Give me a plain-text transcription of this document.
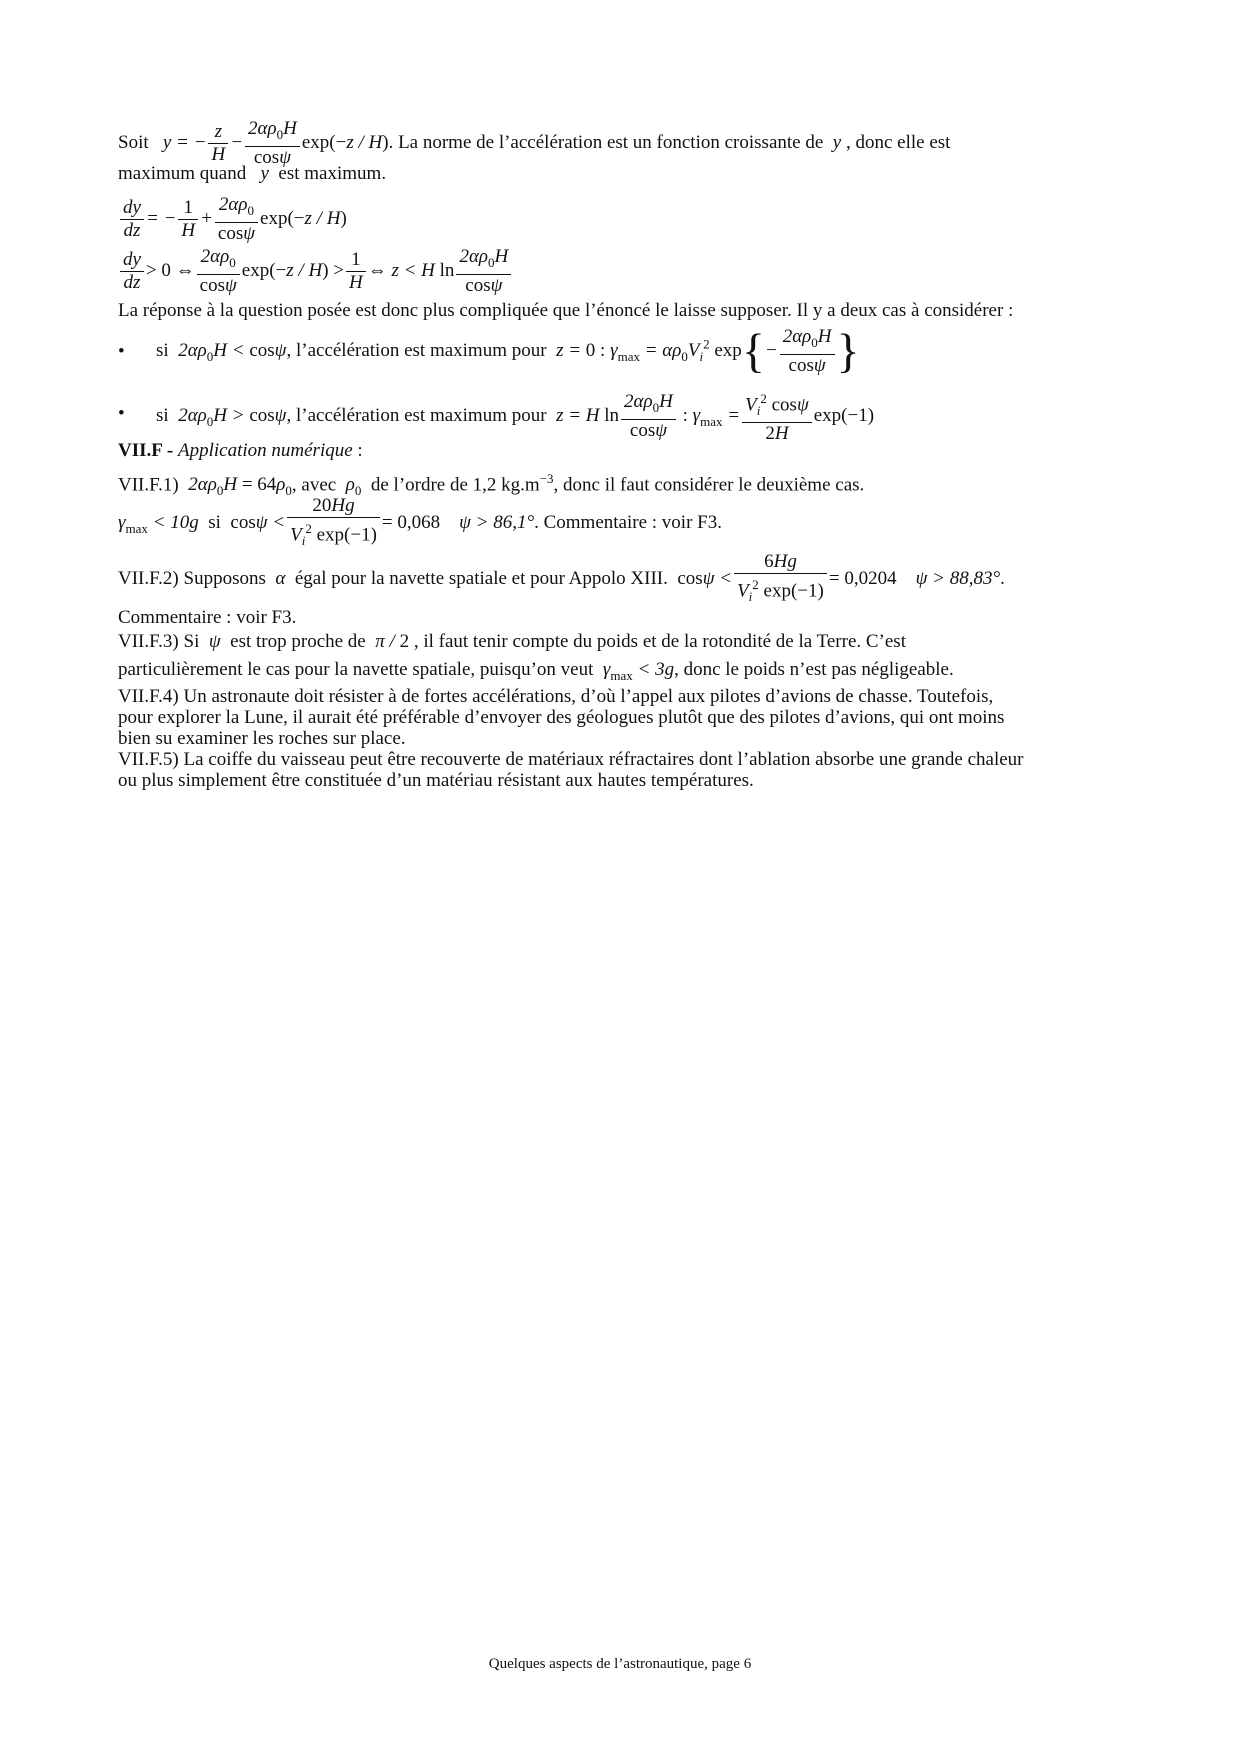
Soit   y = − $\frac{z}{H} - \frac{2\alpha\rho_0H}{\cos\psi} \exp(-z / H)$. La norme de l’accélération est un fonction croissante de  y , donc elle est
maximum quand   y  est maximum.
$\frac{dy}{dz}$ = − $\frac{1}{H} + \frac{2\alpha\rho_0}{\cos\psi} \exp(-z / H)$
$\frac{dy}{dz} > 0$ ⇔ $\frac{2\alpha\rho_0}{\cos\psi} \exp(-z / H) > \frac{1}{H}$ ⇔ z < H $\ln \frac{2\alpha\rho_0H}{\cos\psi}$
La réponse à la question posée est donc plus compliquée que l’énoncé le laisse supposer. Il y a deux cas à considérer :
• si  $2\alpha\rho_0H < \cos\psi$, l’accélération est maximum pour  z = 0 : $\gamma_{max} = \alpha\rho_0V_i^2$ $\exp\{- \frac{2\alpha\rho_0H}{\cos\psi}$ }
• si  $2\alpha\rho_0H > \cos\psi$, l’accélération est maximum pour  z = H $\ln \frac{2\alpha\rho_0H}{\cos\psi}$ : $\gamma_{max} = \frac{V_i^2 \cos\psi}{2H} \exp(-1)$
VII.F - Application numérique :
VII.F.1)  $2\alpha\rho_0H = 64\rho_0$, avec  $\rho_0$ de l’ordre de 1,2 $kg.m^{-3}$, donc il faut considérer le deuxième cas.
$\gamma_{max} < 10g$ si $\cos\psi < \frac{20Hg}{V_i^2 \exp(-1)} = 0,068$ ψ > 86,1°. Commentaire : voir F3.
VII.F.2) Supposons  α  égal pour la navette spatiale et pour Appolo XIII. $\cos\psi < \frac{6Hg}{V_i^2 \exp(-1)} = 0,0204$ ψ > 88,83°.
Commentaire : voir F3.
VII.F.3) Si  ψ  est trop proche de  π / 2 , il faut tenir compte du poids et de la rotondité de la Terre. C’est
particulièrement le cas pour la navette spatiale, puisqu’on veut  $\gamma_{max} < 3g$, donc le poids n’est pas négligeable.
VII.F.4) Un astronaute doit résister à de fortes accélérations, d’où l’appel aux pilotes d’avions de chasse. Toutefois,
pour explorer la Lune, il aurait été préférable d’envoyer des géologues plutôt que des pilotes d’avions, qui ont moins
bien su examiner les roches sur place.
VII.F.5) La coiffe du vaisseau peut être recouverte de matériaux réfractaires dont l’ablation absorbe une grande chaleur
ou plus simplement être constituée d’un matériau résistant aux hautes températures.
Quelques aspects de l’astronautique, page 6
